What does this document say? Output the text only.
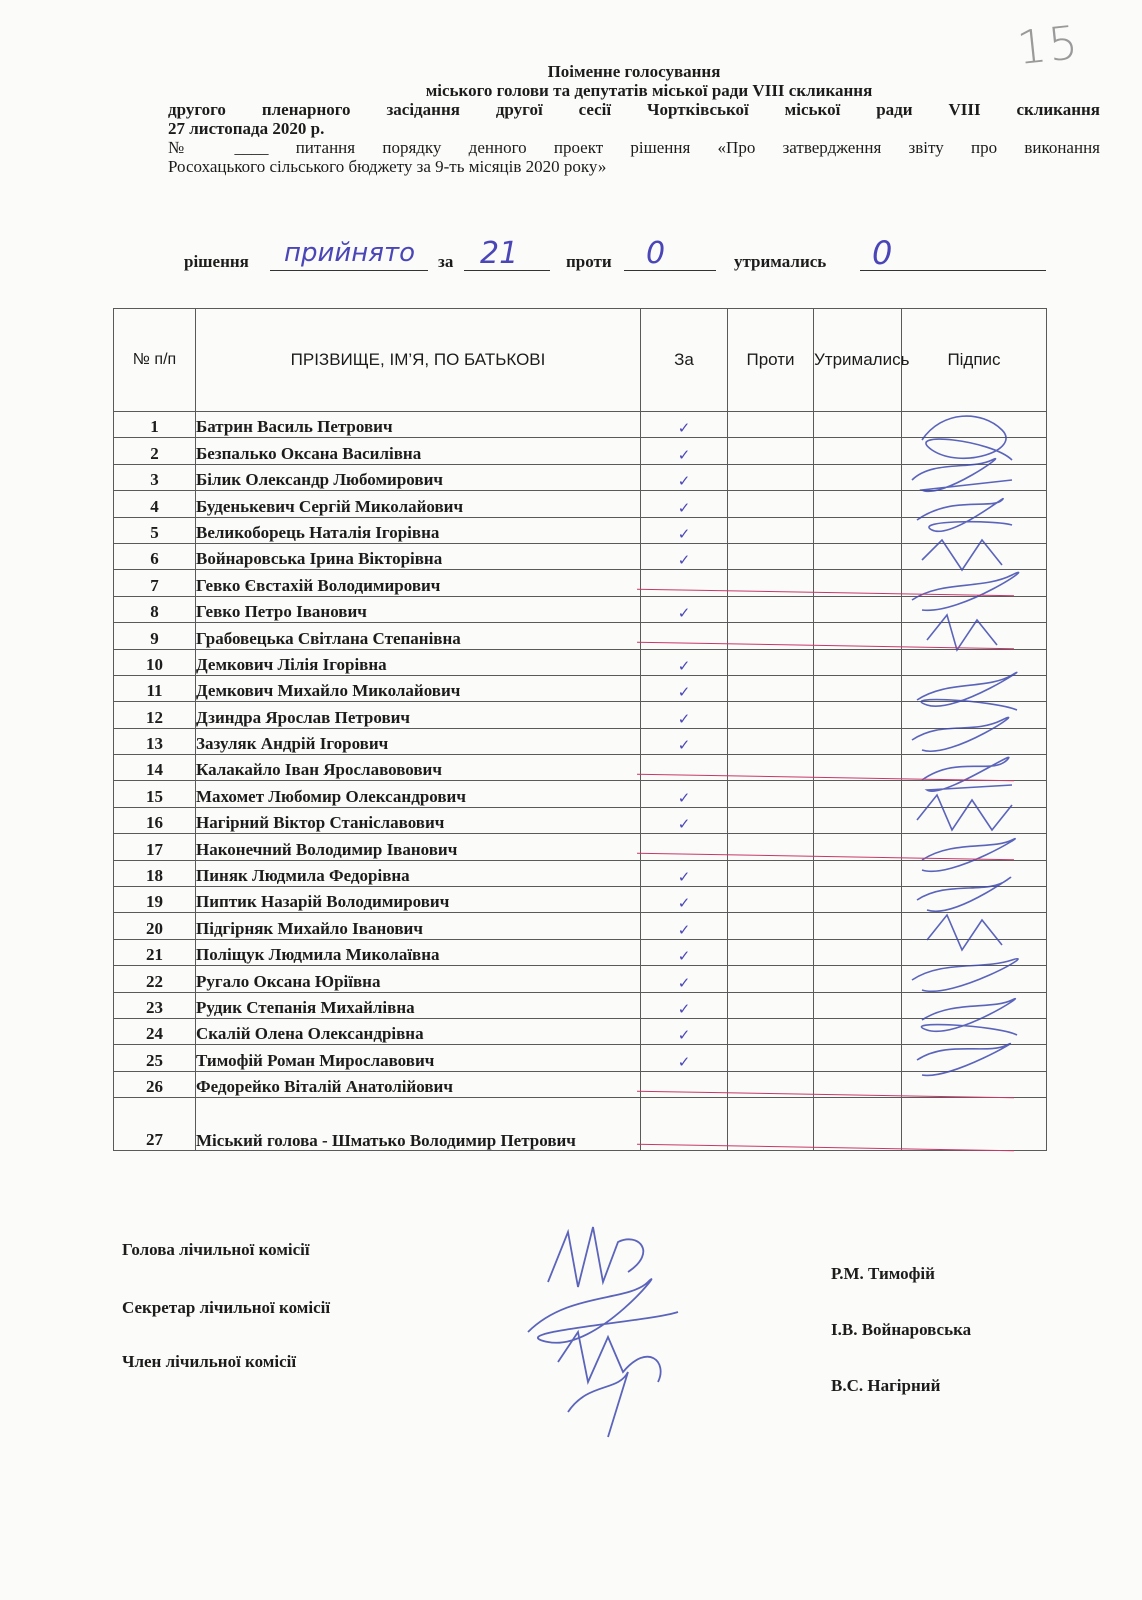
15
Поіменне голосування
міського голови та депутатів міської ради VIII скликання
другого пленарного засідання другої сесії Чортківської міської ради VIII скликання
27 листопада 2020 р.
№ ____ питання порядку денного проект рішення «Про затвердження звіту про виконання
Росохацького сільського бюджету за 9-ть місяців 2020 року»
рішення прийнято за 21	проти 0	утримались 0
№ п/п	ПРІЗВИЩЕ, ІМ’Я, ПО БАТЬКОВІ	За	Проти	Утримались	Підпис
1	Батрин Василь Петрович	✓			
2	Безпалько Оксана Василівна	✓			
3	Білик Олександр Любомирович	✓			
4	Буденькевич Сергій Миколайович	✓			
5	Великоборець Наталія Ігорівна	✓			
6	Войнаровська Ірина Вікторівна	✓			
7	Гевко Євстахій Володимирович				
8	Гевко Петро Іванович	✓			
9	Грабовецька Світлана Степанівна				
10	Демкович Лілія Ігорівна	✓			
11	Демкович Михайло Миколайович	✓			
12	Дзиндра Ярослав Петрович	✓			
13	Зазуляк Андрій Ігорович	✓			
14	Калакайло Іван Ярославовович				
15	Махомет Любомир Олександрович	✓			
16	Нагірний Віктор Станіславович	✓			
17	Наконечний Володимир Іванович				
18	Пиняк Людмила Федорівна	✓			
19	Пиптик Назарій Володимирович	✓			
20	Підгірняк Михайло Іванович	✓			
21	Поліщук Людмила Миколаївна	✓			
22	Ругало Оксана Юріївна	✓			
23	Рудик Степанія Михайлівна	✓			
24	Скалій Олена Олександрівна	✓			
25	Тимофій Роман Мирославович	✓			
26	Федорейко Віталій Анатолійович				
27	Міський голова - Шматько Володимир Петрович				
Голова лічильної комісії
Секретар лічильної комісії
Член лічильної комісії
Р.М. Тимофій
І.В. Войнаровська
В.С. Нагірний
